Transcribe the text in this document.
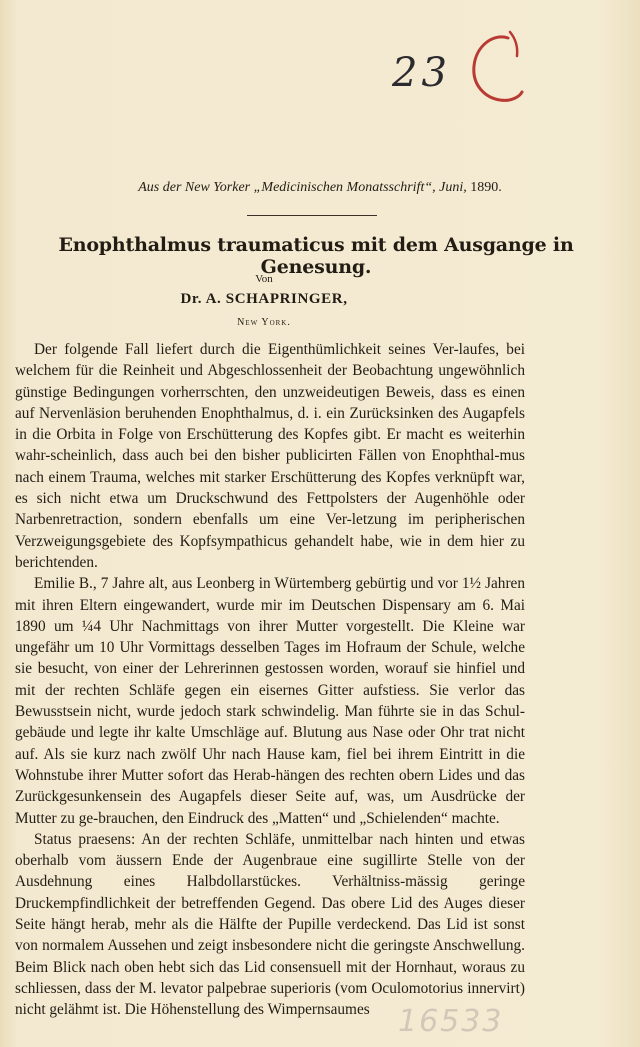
23
Aus der New Yorker „Medicinischen Monatsschrift“, Juni, 1890.
Enophthalmus traumaticus mit dem Ausgange in Genesung.
Von
Dr. A. SCHAPRINGER,
New York.

Der folgende Fall liefert durch die Eigenthümlichkeit seines Ver-laufes, bei welchem für die Reinheit und Abgeschlossenheit der Beobachtung ungewöhnlich günstige Bedingungen vorherrschten, den unzweideutigen Beweis, dass es einen auf Nervenläsion beruhenden Enophthalmus, d. i. ein Zurücksinken des Augapfels in die Orbita in Folge von Erschütterung des Kopfes gibt. Er macht es weiterhin wahr-scheinlich, dass auch bei den bisher publicirten Fällen von Enophthal-mus nach einem Trauma, welches mit starker Erschütterung des Kopfes verknüpft war, es sich nicht etwa um Druckschwund des Fettpolsters der Augenhöhle oder Narbenretraction, sondern ebenfalls um eine Ver-letzung im peripherischen Verzweigungsgebiete des Kopfsympathicus gehandelt habe, wie in dem hier zu berichtenden.

Emilie B., 7 Jahre alt, aus Leonberg in Würtemberg gebürtig und vor 1½ Jahren mit ihren Eltern eingewandert, wurde mir im Deutschen Dispensary am 6. Mai 1890 um ¼4 Uhr Nachmittags von ihrer Mutter vorgestellt. Die Kleine war ungefähr um 10 Uhr Vormittags desselben Tages im Hofraum der Schule, welche sie besucht, von einer der Lehrerinnen gestossen worden, worauf sie hinfiel und mit der rechten Schläfe gegen ein eisernes Gitter aufstiess. Sie verlor das Bewusstsein nicht, wurde jedoch stark schwindelig. Man führte sie in das Schul-gebäude und legte ihr kalte Umschläge auf. Blutung aus Nase oder Ohr trat nicht auf. Als sie kurz nach zwölf Uhr nach Hause kam, fiel bei ihrem Eintritt in die Wohnstube ihrer Mutter sofort das Herab-hängen des rechten obern Lides und das Zurückgesunkensein des Augapfels dieser Seite auf, was, um Ausdrücke der Mutter zu ge-brauchen, den Eindruck des „Matten“ und „Schielenden“ machte.

Status praesens: An der rechten Schläfe, unmittelbar nach hinten und etwas oberhalb vom äussern Ende der Augenbraue eine sugillirte Stelle von der Ausdehnung eines Halbdollarstückes. Verhältniss-mässig geringe Druckempfindlichkeit der betreffenden Gegend. Das obere Lid des Auges dieser Seite hängt herab, mehr als die Hälfte der Pupille verdeckend. Das Lid ist sonst von normalem Aussehen und zeigt insbesondere nicht die geringste Anschwellung. Beim Blick nach oben hebt sich das Lid consensuell mit der Hornhaut, woraus zu schliessen, dass der M. levator palpebrae superioris (vom Oculomotorius innervirt) nicht gelähmt ist. Die Höhenstellung des Wimpernsaumes 16533
